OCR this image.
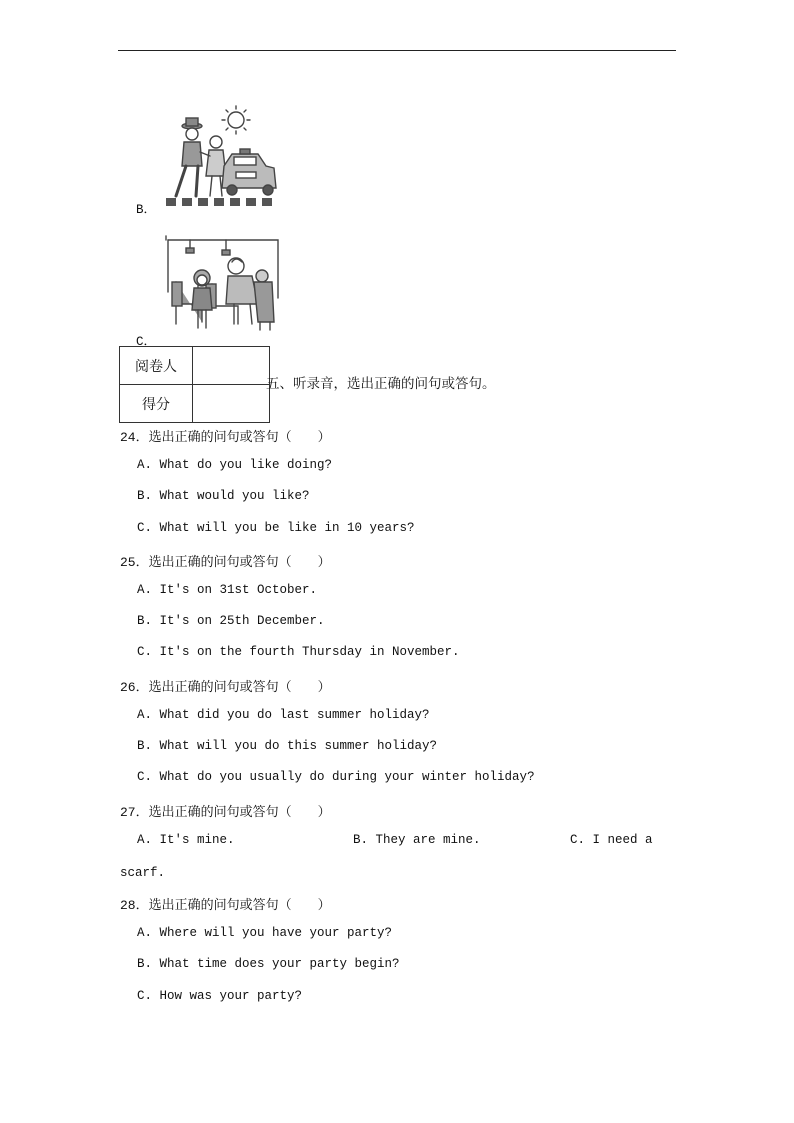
B．
C．
阅卷人	
得分	
五、听录音，选出正确的问句或答句。
24．选出正确的问句或答句（　　）
A. What do you like doing?
B. What would you like?
C. What will you be like in 10 years?
25．选出正确的问句或答句（　　）
A. It's on 31st October.
B. It's on 25th December.
C. It's on the fourth Thursday in November.
26．选出正确的问句或答句（　　）
A. What did you do last summer holiday?
B. What will you do this summer holiday?
C. What do you usually do during your winter holiday?
27．选出正确的问句或答句（　　）
A. It's mine.	B. They are mine.	C. I need a
scarf.
28．选出正确的问句或答句（　　）
A. Where will you have your party?
B. What time does your party begin?
C. How was your party?
